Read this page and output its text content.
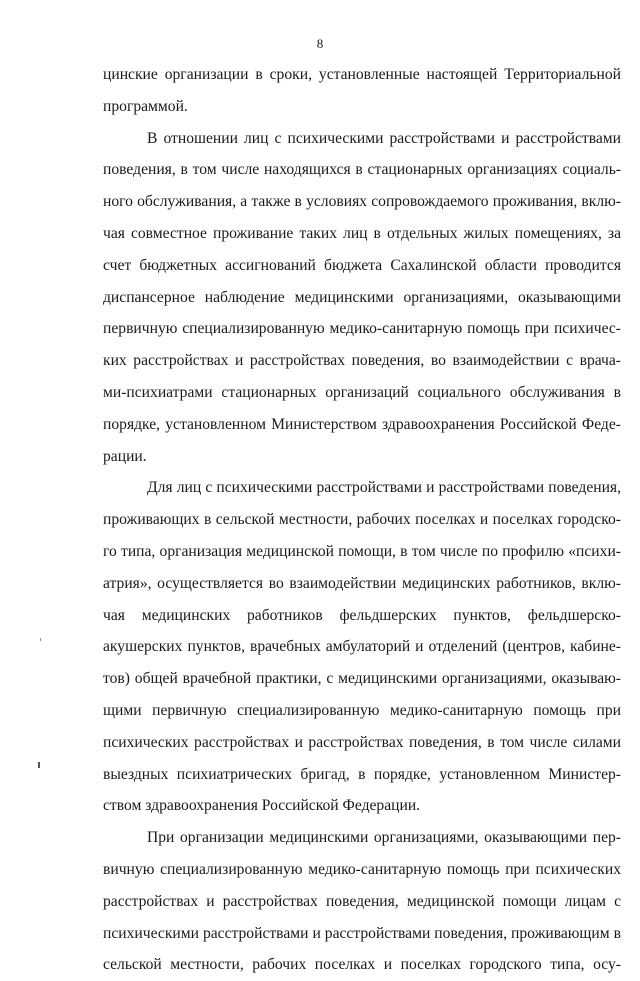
8
цинские организации в сроки, установленные настоящей Территориальной
программой.
В отношении лиц с психическими расстройствами и расстройствами
поведения, в том числе находящихся в стационарных организациях социаль-
ного обслуживания, а также в условиях сопровождаемого проживания, вклю-
чая совместное проживание таких лиц в отдельных жилых помещениях, за
счет бюджетных ассигнований бюджета Сахалинской области проводится
диспансерное наблюдение медицинскими организациями, оказывающими
первичную специализированную медико-санитарную помощь при психичес-
ких расстройствах и расстройствах поведения, во взаимодействии с врача-
ми-психиатрами стационарных организаций социального обслуживания в
порядке, установленном Министерством здравоохранения Российской Феде-
рации.
Для лиц с психическими расстройствами и расстройствами поведения,
проживающих в сельской местности, рабочих поселках и поселках городско-
го типа, организация медицинской помощи, в том числе по профилю «психи-
атрия», осуществляется во взаимодействии медицинских работников, вклю-
чая медицинских работников фельдшерских пунктов, фельдшерско-
акушерских пунктов, врачебных амбулаторий и отделений (центров, кабине-
тов) общей врачебной практики, с медицинскими организациями, оказываю-
щими первичную специализированную медико-санитарную помощь при
психических расстройствах и расстройствах поведения, в том числе силами
выездных психиатрических бригад, в порядке, установленном Министер-
ством здравоохранения Российской Федерации.
При организации медицинскими организациями, оказывающими пер-
вичную специализированную медико-санитарную помощь при психических
расстройствах и расстройствах поведения, медицинской помощи лицам с
психическими расстройствами и расстройствами поведения, проживающим в
сельской местности, рабочих поселках и поселках городского типа, осу-
